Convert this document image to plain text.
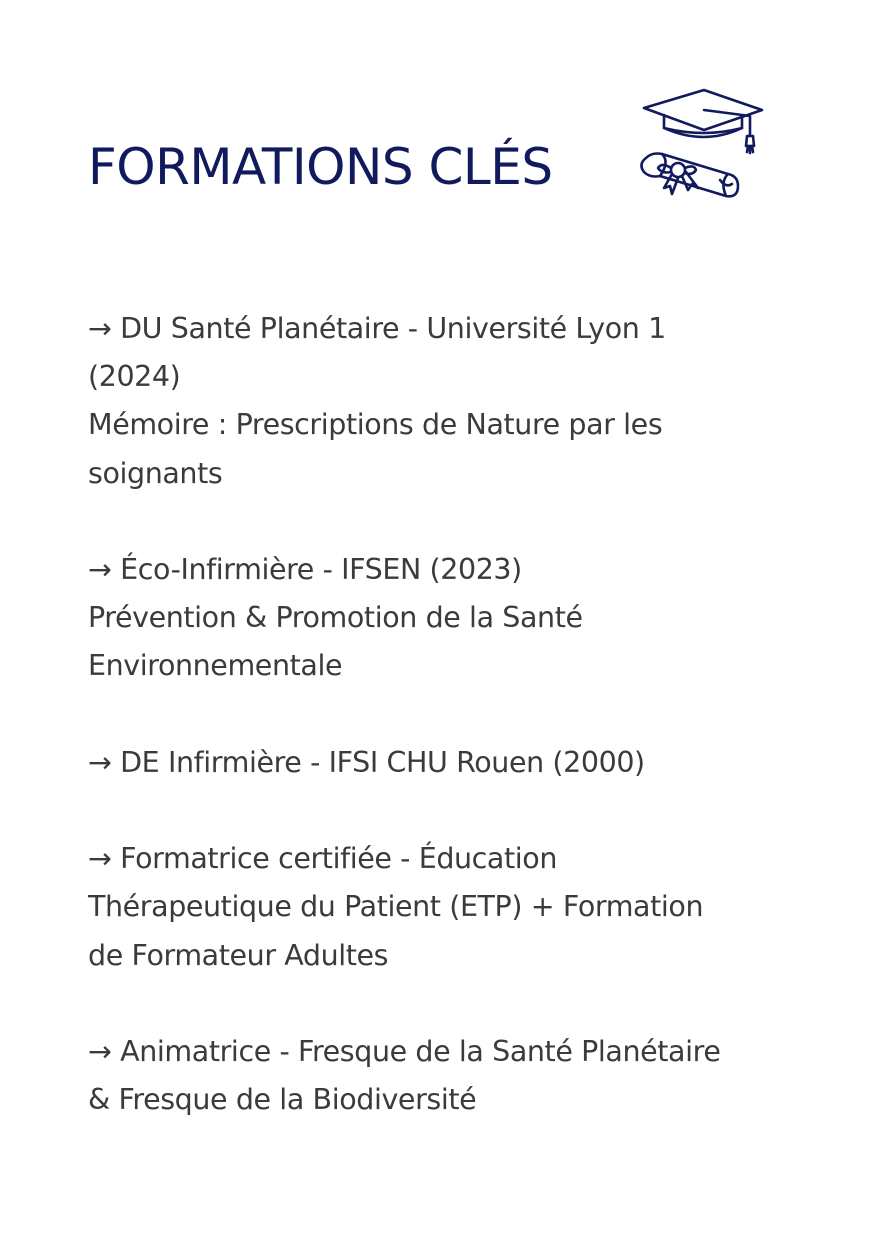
FORMATIONS CLÉS
→ DU Santé Planétaire - Université Lyon 1
(2024)
Mémoire : Prescriptions de Nature par les
soignants
→ Éco-Infirmière - IFSEN (2023)
Prévention & Promotion de la Santé
Environnementale
→ DE Infirmière - IFSI CHU Rouen (2000)
→ Formatrice certifiée - Éducation
Thérapeutique du Patient (ETP) + Formation
de Formateur Adultes
→ Animatrice - Fresque de la Santé Planétaire
& Fresque de la Biodiversité
